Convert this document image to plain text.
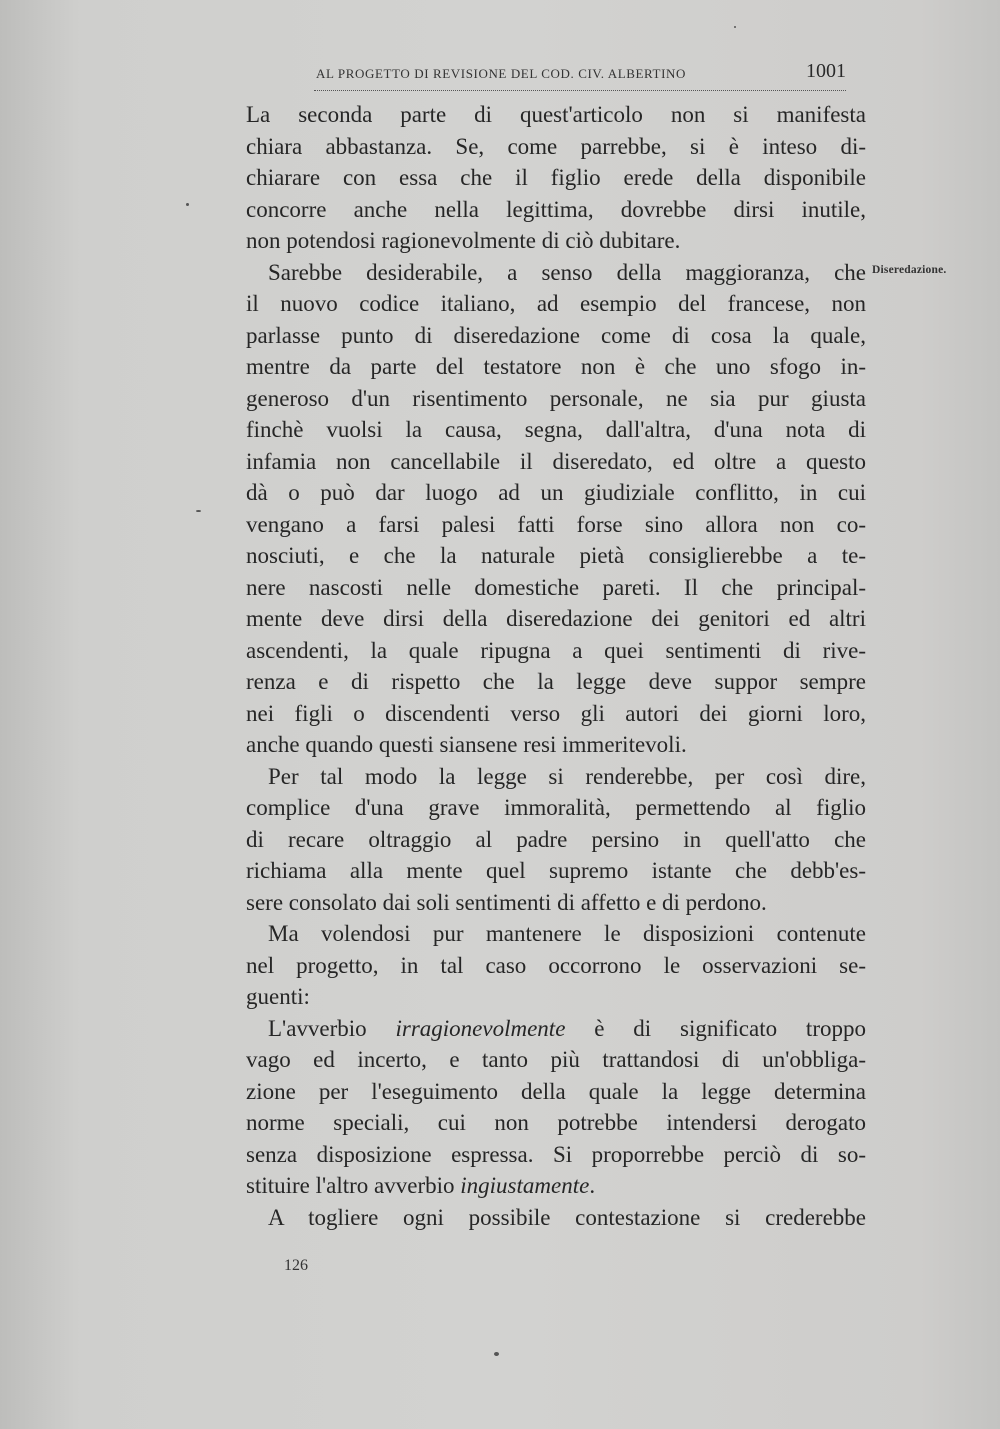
AL PROGETTO DI REVISIONE DEL COD. CIV. ALBERTINO	1001
Diseredazione.
La seconda parte di quest'articolo non si manifesta
chiara abbastanza. Se, come parrebbe, si è inteso di-
chiarare con essa che il figlio erede della disponibile
concorre anche nella legittima, dovrebbe dirsi inutile,
non potendosi ragionevolmente di ciò dubitare.
Sarebbe desiderabile, a senso della maggioranza, che
il nuovo codice italiano, ad esempio del francese, non
parlasse punto di diseredazione come di cosa la quale,
mentre da parte del testatore non è che uno sfogo in-
generoso d'un risentimento personale, ne sia pur giusta
finchè vuolsi la causa, segna, dall'altra, d'una nota di
infamia non cancellabile il diseredato, ed oltre a questo
dà o può dar luogo ad un giudiziale conflitto, in cui
vengano a farsi palesi fatti forse sino allora non co-
nosciuti, e che la naturale pietà consiglierebbe a te-
nere nascosti nelle domestiche pareti. Il che principal-
mente deve dirsi della diseredazione dei genitori ed altri
ascendenti, la quale ripugna a quei sentimenti di rive-
renza e di rispetto che la legge deve suppor sempre
nei figli o discendenti verso gli autori dei giorni loro,
anche quando questi siansene resi immeritevoli.
Per tal modo la legge si renderebbe, per così dire,
complice d'una grave immoralità, permettendo al figlio
di recare oltraggio al padre persino in quell'atto che
richiama alla mente quel supremo istante che debb'es-
sere consolato dai soli sentimenti di affetto e di perdono.
Ma volendosi pur mantenere le disposizioni contenute
nel progetto, in tal caso occorrono le osservazioni se-
guenti:
L'avverbio irragionevolmente è di significato troppo
vago ed incerto, e tanto più trattandosi di un'obbliga-
zione per l'eseguimento della quale la legge determina
norme speciali, cui non potrebbe intendersi derogato
senza disposizione espressa. Si proporrebbe perciò di so-
stituire l'altro avverbio ingiustamente.
A togliere ogni possibile contestazione si crederebbe
126
